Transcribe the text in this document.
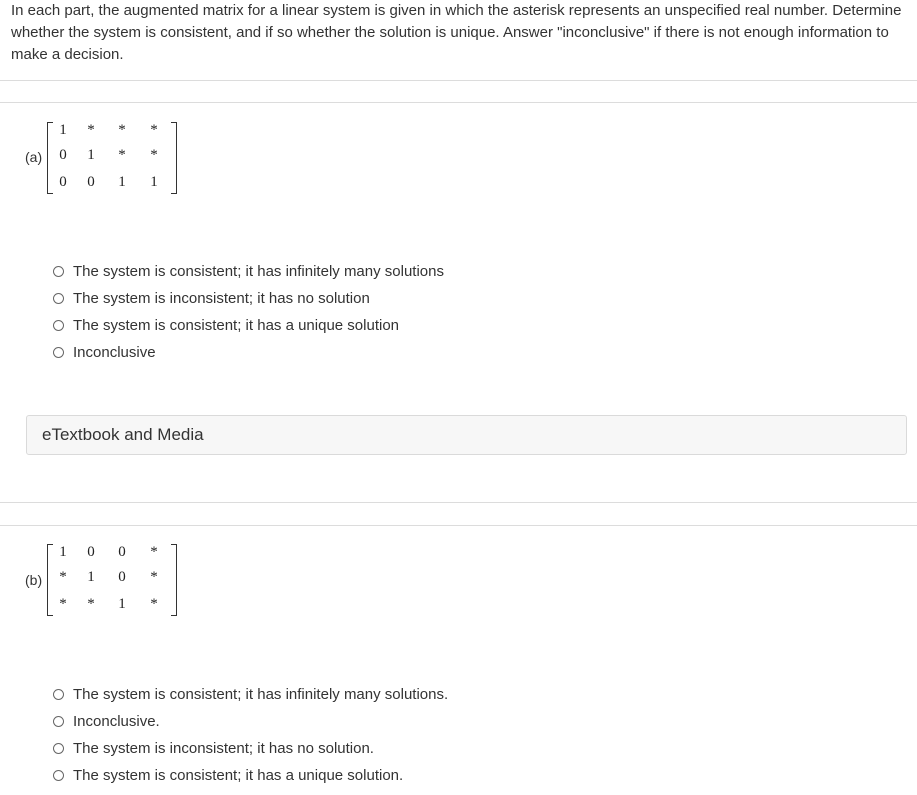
In each part, the augmented matrix for a linear system is given in which the asterisk represents an unspecified real number. Determine whether the system is consistent, and if so whether the solution is unique. Answer "inconclusive" if there is not enough information to make a decision.
(a)
1 * * *
0 1 * *
0 0 1 1
The system is consistent; it has infinitely many solutions
The system is inconsistent; it has no solution
The system is consistent; it has a unique solution
Inconclusive
eTextbook and Media
(b)
1 0 0 *
* 1 0 *
* * 1 *
The system is consistent; it has infinitely many solutions.
Inconclusive.
The system is inconsistent; it has no solution.
The system is consistent; it has a unique solution.
